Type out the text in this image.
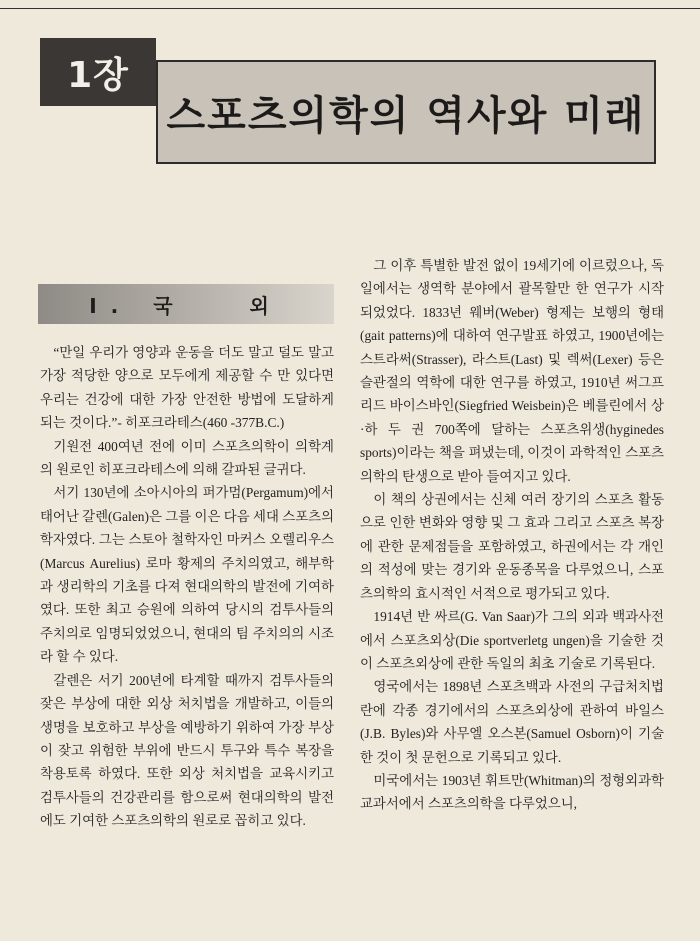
스포츠의학의 역사와 미래
1장
I. 국   외

“만일 우리가 영양과 운동을 더도 말고 덜도 말고 가장 적당한 양으로 모두에게 제공할 수 만 있다면 우리는 건강에 대한 가장 안전한 방법에 도달하게 되는 것이다.”- 히포크라테스(460 -377B.C.)

기원전 400여년 전에 이미 스포츠의학이 의학계의 원로인 히포크라테스에 의해 갈파된 글귀다.

서기 130년에 소아시아의 퍼가멈(Pergamum)에서 태어난 갈렌(Galen)은 그를 이은 다음 세대 스포츠의학자였다. 그는 스토아 철학자인 마커스 오렐리우스(Marcus Aurelius) 로마 황제의 주치의였고, 해부학과 생리학의 기초를 다져 현대의학의 발전에 기여하였다. 또한 최고 승원에 의하여 당시의 검투사들의 주치의로 임명되었었으니, 현대의 팀 주치의의 시조라 할 수 있다.

갈렌은 서기 200년에 타계할 때까지 검투사들의 잦은 부상에 대한 외상 처치법을 개발하고, 이들의 생명을 보호하고 부상을 예방하기 위하여 가장 부상이 잦고 위험한 부위에 반드시 투구와 특수 복장을 착용토록 하였다. 또한 외상 처치법을 교육시키고 검투사들의 건강관리를 함으로써 현대의학의 발전에도 기여한 스포츠의학의 원로로 꼽히고 있다.

그 이후 특별한 발전 없이 19세기에 이르렀으나, 독일에서는 생역학 분야에서 괄목할만 한 연구가 시작 되었었다. 1833년 웨버(Weber) 형제는 보행의 형태(gait patterns)에 대하여 연구발표 하였고, 1900년에는 스트라써(Strasser), 라스트(Last) 및 렉써(Lexer) 등은 슬관절의 역학에 대한 연구를 하였고, 1910년 써그프리드 바이스바인(Siegfried Weisbein)은 베를린에서 상·하 두 권 700쪽에 달하는 스포츠위생(hyginedes sports)이라는 책을 펴냈는데, 이것이 과학적인 스포츠의학의 탄생으로 받아 들여지고 있다.

이 책의 상권에서는 신체 여러 장기의 스포츠 활동으로 인한 변화와 영향 및 그 효과 그리고 스포츠 복장에 관한 문제점들을 포함하였고, 하권에서는 각 개인의 적성에 맞는 경기와 운동종목을 다루었으니, 스포츠의학의 효시적인 서적으로 평가되고 있다.

1914년 반 싸르(G. Van Saar)가 그의 외과 백과사전에서 스포츠외상(Die sportverletg ungen)을 기술한 것이 스포츠외상에 관한 독일의 최초 기술로 기록된다.

영국에서는 1898년 스포츠백과 사전의 구급처치법란에 각종 경기에서의 스포츠외상에 관하여 바일스(J.B. Byles)와 사무엘 오스본(Samuel Osborn)이 기술한 것이 첫 문헌으로 기록되고 있다.

미국에서는 1903년 휘트만(Whitman)의 정형외과학 교과서에서 스포츠의학을 다루었으니,
